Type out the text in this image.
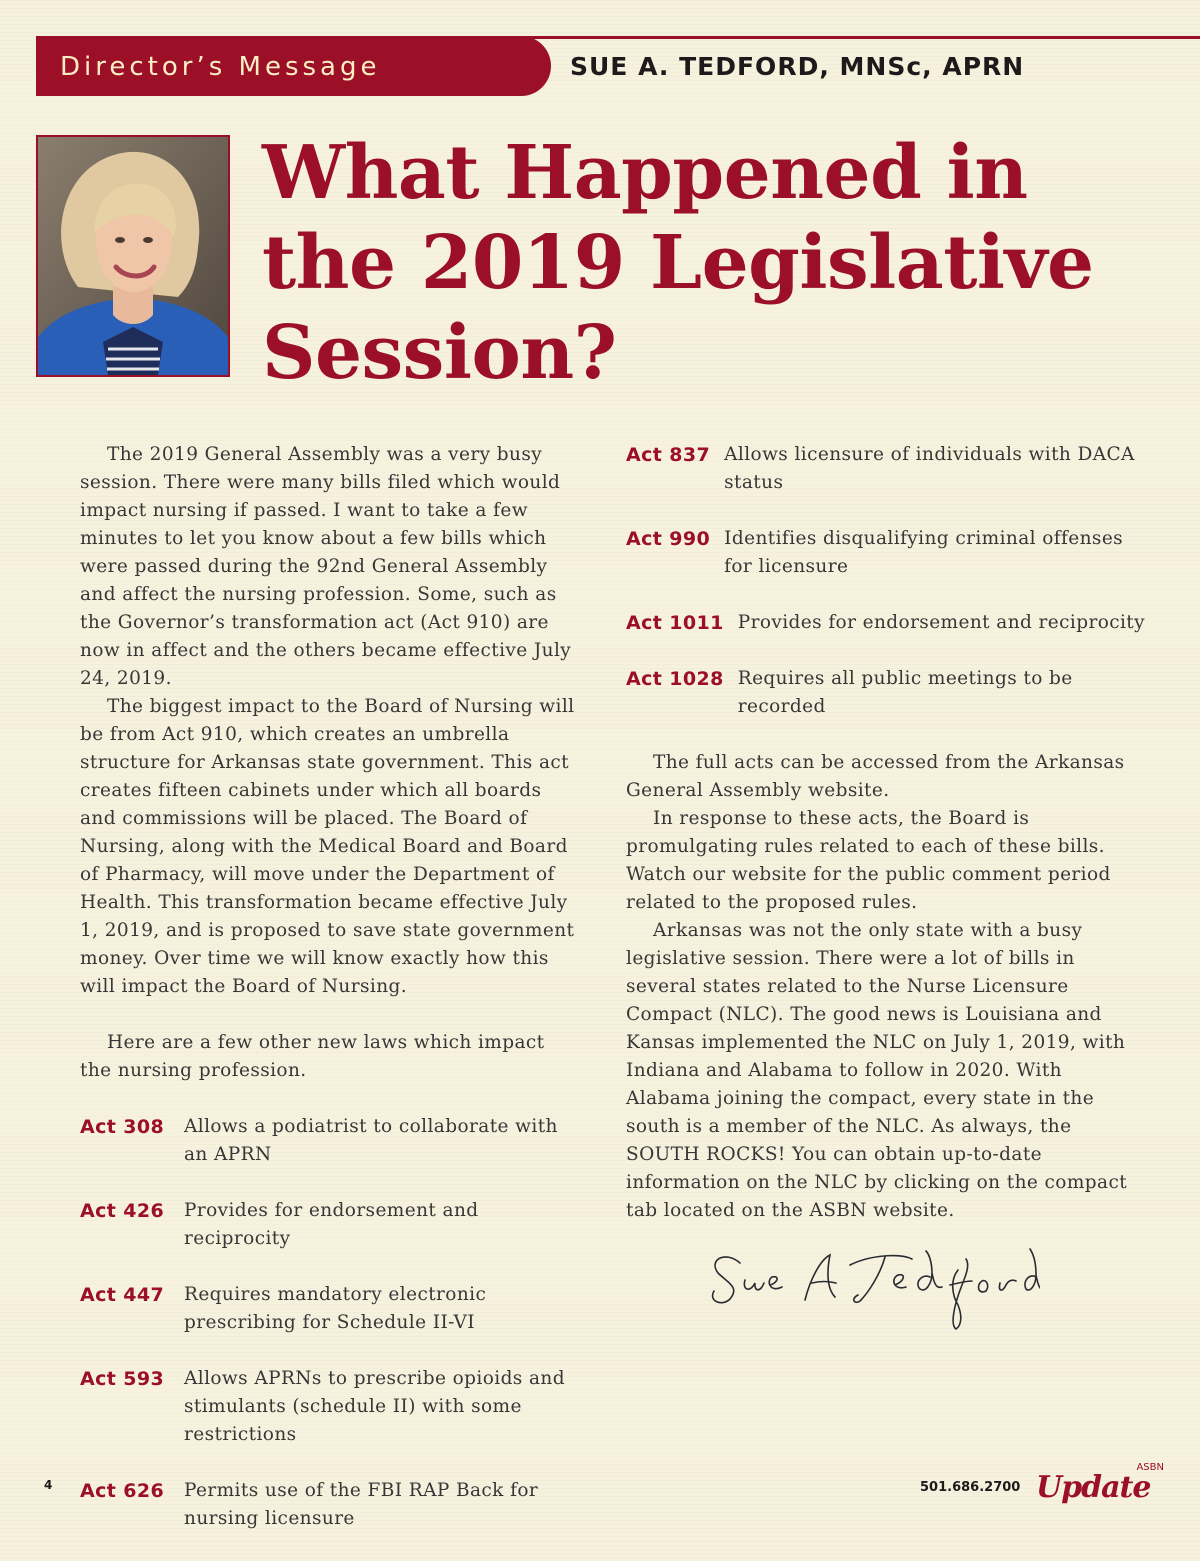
Director’s Message	SUE A. TEDFORD, MNSc, APRN
What Happened in the 2019 Legislative Session?

The 2019 General Assembly was a very busy session. There were many bills filed which would impact nursing if passed. I want to take a few minutes to let you know about a few bills which were passed during the 92nd General Assembly and affect the nursing profession. Some, such as the Governor’s transformation act (Act 910) are now in affect and the others became effective July 24, 2019.

The biggest impact to the Board of Nursing will be from Act 910, which creates an umbrella structure for Arkansas state government. This act creates fifteen cabinets under which all boards and commissions will be placed. The Board of Nursing, along with the Medical Board and Board of Pharmacy, will move under the Department of Health. This transformation became effective July 1, 2019, and is proposed to save state government money. Over time we will know exactly how this will impact the Board of Nursing.

Here are a few other new laws which impact the nursing profession.

Act 308	Allows a podiatrist to collaborate with an APRN
Act 426	Provides for endorsement and reciprocity
Act 447	Requires mandatory electronic prescribing for Schedule II-VI
Act 593	Allows APRNs to prescribe opioids and stimulants (schedule II) with some restrictions
Act 626	Permits use of the FBI RAP Back for nursing licensure
Act 837 Allows licensure of individuals with DACA status
Act 990 Identifies disqualifying criminal offenses for licensure
Act 1011 Provides for endorsement and reciprocity
Act 1028 Requires all public meetings to be recorded

The full acts can be accessed from the Arkansas General Assembly website.

In response to these acts, the Board is promulgating rules related to each of these bills. Watch our website for the public comment period related to the proposed rules.

Arkansas was not the only state with a busy legislative session. There were a lot of bills in several states related to the Nurse Licensure Compact (NLC). The good news is Louisiana and Kansas implemented the NLC on July 1, 2019, with Indiana and Alabama to follow in 2020. With Alabama joining the compact, every state in the south is a member of the NLC. As always, the SOUTH ROCKS! You can obtain up-to-date information on the NLC by clicking on the compact tab located on the ASBN website.

4	501.686.2700
ASBN
Update
